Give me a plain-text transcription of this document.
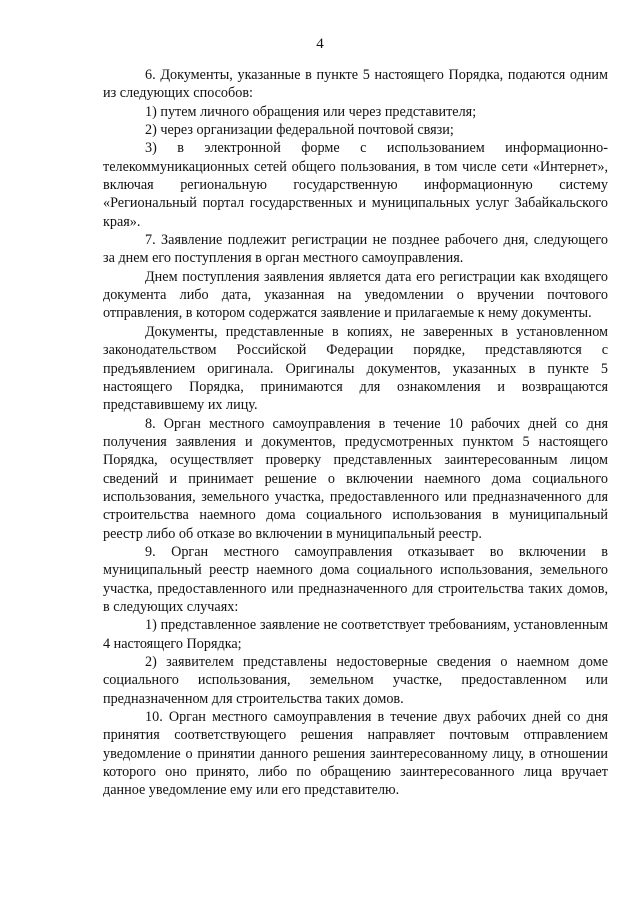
4

6. Документы, указанные в пункте 5 настоящего Порядка, подаются одним из следующих способов:

1) путем личного обращения или через представителя;

2) через организации федеральной почтовой связи;

3) в электронной форме с использованием информационно-телекоммуникационных сетей общего пользования, в том числе сети «Интернет», включая региональную государственную информационную систему «Региональный портал государственных и муниципальных услуг Забайкальского края».

7. Заявление подлежит регистрации не позднее рабочего дня, следующего за днем его поступления в орган местного самоуправления.

Днем поступления заявления является дата его регистрации как входящего документа либо дата, указанная на уведомлении о вручении почтового отправления, в котором содержатся заявление и прилагаемые к нему документы.

Документы, представленные в копиях, не заверенных в установленном законодательством Российской Федерации порядке, представляются с предъявлением оригинала. Оригиналы документов, указанных в пункте 5 настоящего Порядка, принимаются для ознакомления и возвращаются представившему их лицу.

8. Орган местного самоуправления в течение 10 рабочих дней со дня получения заявления и документов, предусмотренных пунктом 5 настоящего Порядка, осуществляет проверку представленных заинтересованным лицом сведений и принимает решение о включении наемного дома социального использования, земельного участка, предоставленного или предназначенного для строительства наемного дома социального использования в муниципальный реестр либо об отказе во включении в муниципальный реестр.

9. Орган местного самоуправления отказывает во включении в муниципальный реестр наемного дома социального использования, земельного участка, предоставленного или предназначенного для строительства таких домов, в следующих случаях:

1) представленное заявление не соответствует требованиям, установленным 4 настоящего Порядка;

2) заявителем представлены недостоверные сведения о наемном доме социального использования, земельном участке, предоставленном или предназначенном для строительства таких домов.

10. Орган местного самоуправления в течение двух рабочих дней со дня принятия соответствующего решения направляет почтовым отправлением уведомление о принятии данного решения заинтересованному лицу, в отношении которого оно принято, либо по обращению заинтересованного лица вручает данное уведомление ему или его представителю.
